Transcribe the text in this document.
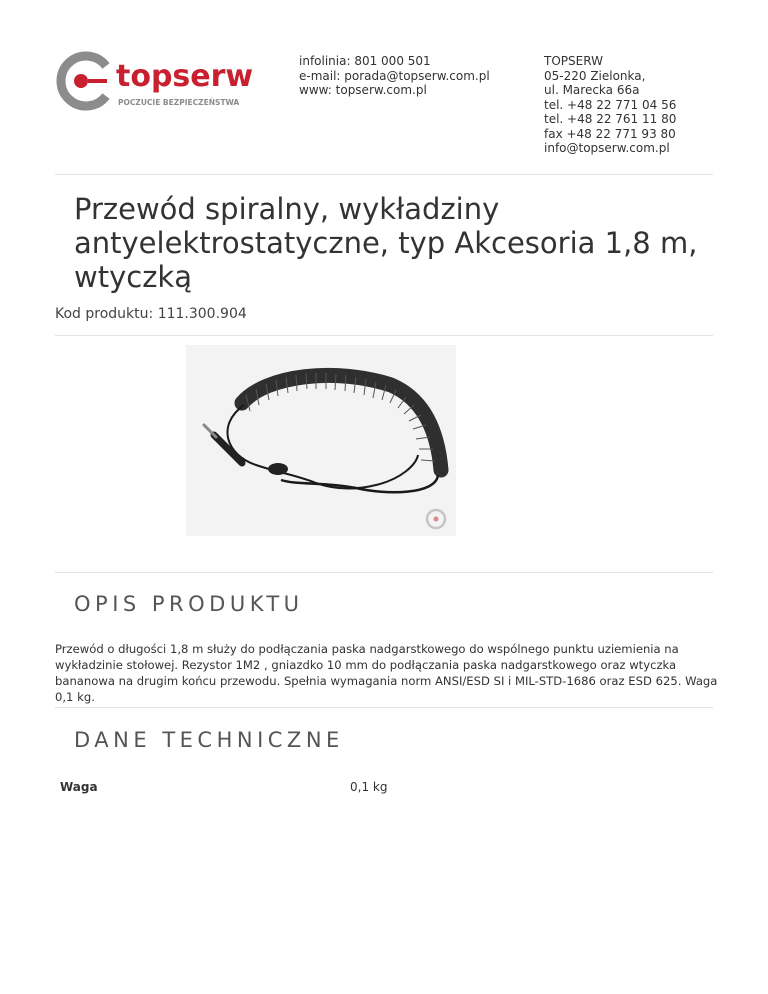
topserw
POCZUCIE BEZPIECZEŃSTWA
infolinia: 801 000 501
e-mail: porada@topserw.com.pl
www: topserw.com.pl
TOPSERW
05-220 Zielonka,
ul. Marecka 66a
tel. +48 22 771 04 56
tel. +48 22 761 11 80
fax +48 22 771 93 80
info@topserw.com.pl
Przewód spiralny, wykładziny antyelektrostatyczne, typ Akcesoria 1,8 m, wtyczką
Kod produktu: 111.300.904
OPIS PRODUKTU

Przewód o długości 1,8 m służy do podłączania paska nadgarstkowego do wspólnego punktu uziemienia na wykładzinie stołowej. Rezystor 1M2 , gniazdko 10 mm do podłączania paska nadgarstkowego oraz wtyczka bananowa na drugim końcu przewodu. Spełnia wymagania norm ANSI/ESD SI i MIL-STD-1686 oraz ESD 625. Waga 0,1 kg.

DANE TECHNICZNE
Waga	0,1 kg
